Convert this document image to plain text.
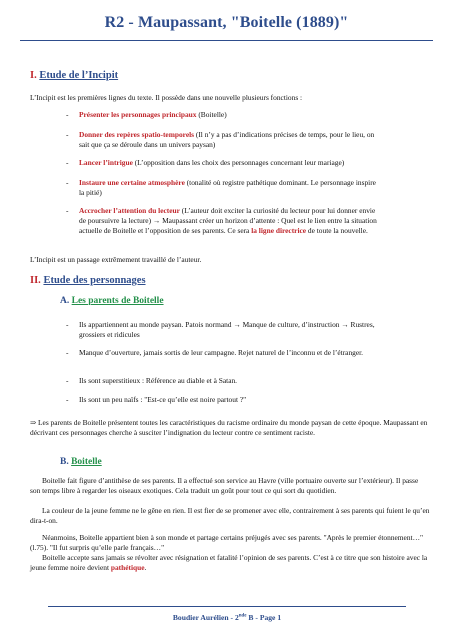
R2 - Maupassant, "Boitelle (1889)"
I. Etude de l’Incipit
L’Incipit est les premières lignes du texte. Il possède dans une nouvelle plusieurs fonctions :
- Présenter les personnages principaux (Boitelle)
- Donner des repères spatio-temporels (Il n’y a pas d’indications précises de temps, pour le lieu, on sait que ça se déroule dans un univers paysan)
- Lancer l’intrigue (L’opposition dans les choix des personnages concernant leur mariage)
- Instaure une certaine atmosphère (tonalité où registre pathétique dominant. Le personnage inspire la pitié)
- Accrocher l’attention du lecteur (L’auteur doit exciter la curiosité du lecteur pour lui donner envie de poursuivre la lecture) → Maupassant créer un horizon d’attente : Quel est le lien entre la situation actuelle de Boitelle et l’opposition de ses parents. Ce sera la ligne directrice de toute la nouvelle.
L’Incipit est un passage extrêmement travaillé de l’auteur.
II. Etude des personnages
A. Les parents de Boitelle
- Ils appartiennent au monde paysan. Patois normand → Manque de culture, d’instruction → Rustres, grossiers et ridicules
- Manque d’ouverture, jamais sortis de leur campagne. Rejet naturel de l’inconnu et de l’étranger.
- Ils sont superstitieux : Référence au diable et à Satan.
- Ils sont un peu naïfs : "Est-ce qu’elle est noire partout ?"
⇒ Les parents de Boitelle présentent toutes les caractéristiques du racisme ordinaire du monde paysan de cette époque. Maupassant en décrivant ces personnages cherche à susciter l’indignation du lecteur contre ce sentiment raciste.
B. Boitelle
Boitelle fait figure d’antithèse de ses parents. Il a effectué son service au Havre (ville portuaire ouverte sur l’extérieur). Il passe son temps libre à regarder les oiseaux exotiques. Cela traduit un goût pour tout ce qui sort du quotidien.
La couleur de la jeune femme ne le gêne en rien. Il est fier de se promener avec elle, contrairement à ses parents qui fuient le qu’en dira-t-on.
Néanmoins, Boitelle appartient bien à son monde et partage certains préjugés avec ses parents. "Après le premier étonnement…" (l.75). "Il fut surpris qu’elle parle français…"
Boitelle accepte sans jamais se révolter avec résignation et fatalité l’opinion de ses parents. C’est à ce titre que son histoire avec la jeune femme noire devient pathétique.
Boudier Aurélien - 2nde B - Page 1
